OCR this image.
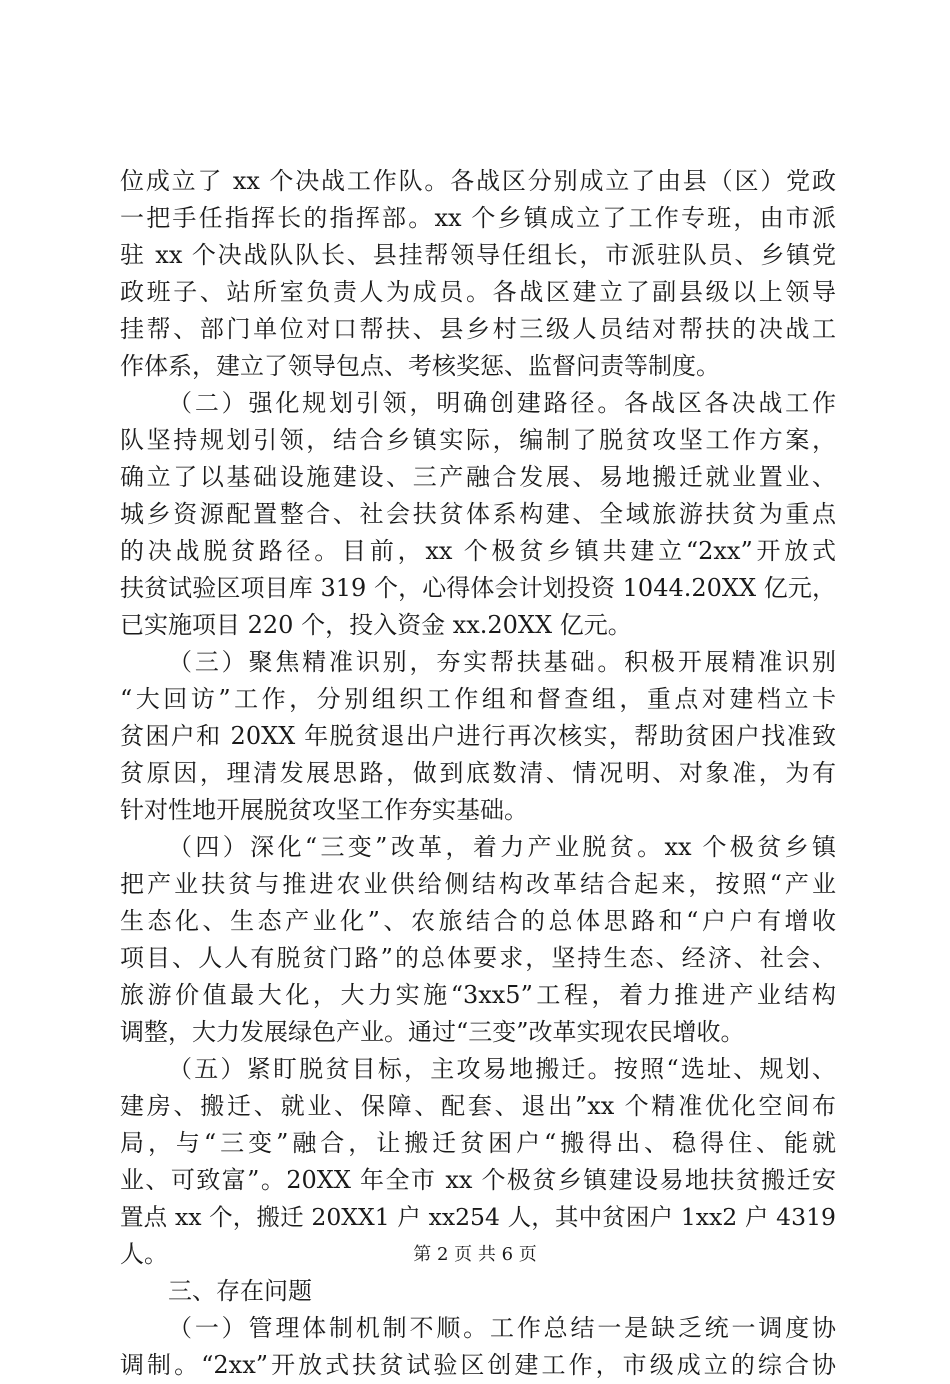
位成立了 xx 个决战工作队。各战区分别成立了由县（区）党政
一把手任指挥长的指挥部。xx 个乡镇成立了工作专班，由市派
驻 xx 个决战队队长、县挂帮领导任组长，市派驻队员、乡镇党
政班子、站所室负责人为成员。各战区建立了副县级以上领导
挂帮、部门单位对口帮扶、县乡村三级人员结对帮扶的决战工
作体系，建立了领导包点、考核奖惩、监督问责等制度。
（二）强化规划引领，明确创建路径。各战区各决战工作
队坚持规划引领，结合乡镇实际，编制了脱贫攻坚工作方案，
确立了以基础设施建设、三产融合发展、易地搬迁就业置业、
城乡资源配置整合、社会扶贫体系构建、全域旅游扶贫为重点
的决战脱贫路径。目前，xx 个极贫乡镇共建立“2xx”开放式
扶贫试验区项目库 319 个，心得体会计划投资 1044.20XX 亿元，
已实施项目 220 个，投入资金 xx.20XX 亿元。
（三）聚焦精准识别，夯实帮扶基础。积极开展精准识别
“大回访”工作，分别组织工作组和督查组，重点对建档立卡
贫困户和 20XX 年脱贫退出户进行再次核实，帮助贫困户找准致
贫原因，理清发展思路，做到底数清、情况明、对象准，为有
针对性地开展脱贫攻坚工作夯实基础。
（四）深化“三变”改革，着力产业脱贫。xx 个极贫乡镇
把产业扶贫与推进农业供给侧结构改革结合起来，按照“产业
生态化、生态产业化”、农旅结合的总体思路和“户户有增收
项目、人人有脱贫门路”的总体要求，坚持生态、经济、社会、
旅游价值最大化，大力实施“3xx5”工程，着力推进产业结构
调整，大力发展绿色产业。通过“三变”改革实现农民增收。
（五）紧盯脱贫目标，主攻易地搬迁。按照“选址、规划、
建房、搬迁、就业、保障、配套、退出”xx 个精准优化空间布
局，与“三变”融合，让搬迁贫困户“搬得出、稳得住、能就
业、可致富”。20XX 年全市 xx 个极贫乡镇建设易地扶贫搬迁安
置点 xx 个，搬迁 20XX1 户 xx254 人，其中贫困户 1xx2 户 4319
人。
三、存在问题
（一）管理体制机制不顺。工作总结一是缺乏统一调度协
调制。“2xx”开放式扶贫试验区创建工作，市级成立的综合协
第 2 页 共 6 页
